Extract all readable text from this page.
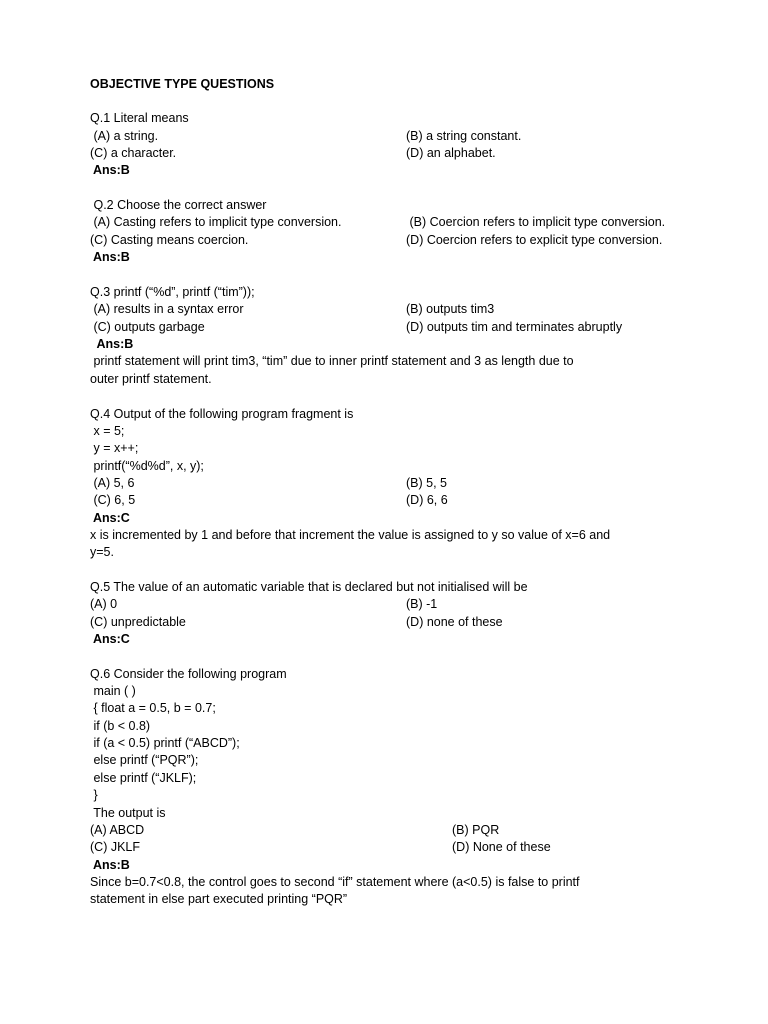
OBJECTIVE TYPE QUESTIONS
Q.1 Literal means
(A) a string.	(B) a string constant.
(C) a character.	(D) an alphabet.
Ans:B
Q.2 Choose the correct answer
(A) Casting refers to implicit type conversion.	(B) Coercion refers to implicit type conversion.
(C) Casting means coercion.	(D) Coercion refers to explicit type conversion.
Ans:B
Q.3 printf (“%d”, printf (“tim”));
(A) results in a syntax error	(B) outputs tim3
(C) outputs garbage	(D) outputs tim and terminates abruptly
Ans:B
printf statement will print tim3, “tim” due to inner printf statement and 3 as length due to
outer printf statement.
Q.4 Output of the following program fragment is
x = 5;
y = x++;
printf(“%d%d”, x, y);
(A) 5, 6	(B) 5, 5
(C) 6, 5	(D) 6, 6
Ans:C
x is incremented by 1 and before that increment the value is assigned to y so value of x=6 and
y=5.
Q.5 The value of an automatic variable that is declared but not initialised will be
(A) 0	(B) -1
(C) unpredictable	(D) none of these
Ans:C
Q.6 Consider the following program
main ( )
{ float a = 0.5, b = 0.7;
if (b < 0.8)
if (a < 0.5) printf (“ABCD”);
else printf (“PQR”);
else printf (“JKLF);
}
The output is
(A) ABCD	(B) PQR
(C) JKLF	(D) None of these
Ans:B
Since b=0.7<0.8, the control goes to second “if” statement where (a<0.5) is false to printf
statement in else part executed printing “PQR”
